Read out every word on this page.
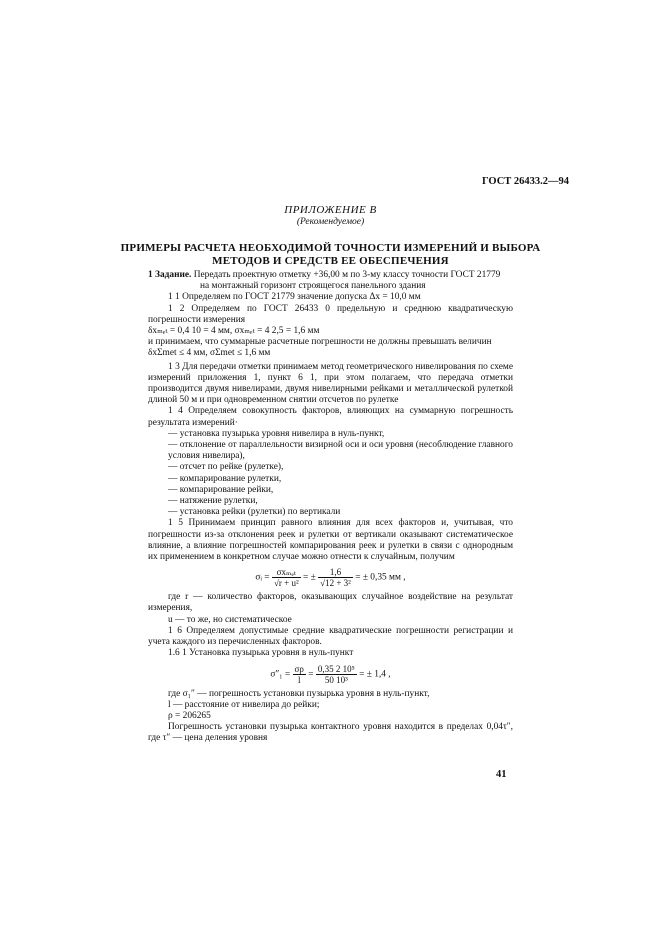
ГОСТ 26433.2—94
ПРИЛОЖЕНИЕ В
(Рекомендуемое)
ПРИМЕРЫ РАСЧЕТА НЕОБХОДИМОЙ ТОЧНОСТИ ИЗМЕРЕНИЙ И ВЫБОРА
МЕТОДОВ И СРЕДСТВ ЕЕ ОБЕСПЕЧЕНИЯ

1 Задание. Передать проектную отметку +36,00 м по 3-му классу точности ГОСТ 21779

на монтажный горизонт строящегося панельного здания

1 1 Определяем по ГОСТ 21779 значение допуска Δx = 10,0 мм

1 2 Определяем по ГОСТ 26433 0 предельную и среднюю квадратическую погрешности измерения

δxₘₑₜ = 0,4 10 = 4 мм, σxₘₑₜ = 4 2,5 = 1,6 мм

и принимаем, что суммарные расчетные погрешности не должны превышать величин

δxΣmet ≤ 4 мм, σΣmet ≤ 1,6 мм

1 3 Для передачи отметки принимаем метод геометрического нивелирования по схеме измерений приложения 1, пункт 6 1, при этом полагаем, что передача отметки производится двумя нивелирами, двумя нивелирными рейками и металлической рулеткой длиной 50 м и при одновременном снятии отсчетов по рулетке

1 4 Определяем совокупность факторов, влияющих на суммарную погрешность результата измерений·

— установка пузырька уровня нивелира в нуль-пункт,

— отклонение от параллельности визирной оси и оси уровня (несоблюдение главного условия нивелира),

— отсчет по рейке (рулетке),

— компарирование рулетки,

— компарирование рейки,

— натяжение рулетки,

— установка рейки (рулетки) по вертикали

1 5 Принимаем принцип равного влияния для всех факторов и, учитывая, что погрешности из-за отклонения реек и рулетки от вертикали оказывают систематическое влияние, а влияние погрешностей компарирования реек и рулетки в связи с однородным их применением в конкретном случае можно отнести к случайным, получим

σᵢ = $\frac{\text{σxₘₑₜ}}{\text{√r + u²}}$ = ± $\frac{1,6}{\text{√12 + 3²}}$ = ± 0,35 мм ,

где r — количество факторов, оказывающих случайное воздействие на результат измерения,

u — то же, но систематическое

1 6 Определяем допустимые средние квадратические погрешности регистрации и учета каждого из перечисленных факторов.

1.6 1 Установка пузырька уровня в нуль-пункт

$\sigma''_1 = \frac{\sigma\rho}{l} = \frac{\text{0,35 2 10⁵}}{\text{50 10³}}$ = ± 1,4 ,

где σ₁″ — погрешность установки пузырька уровня в нуль-пункт,

l — расстояние от нивелира до рейки;

ρ = 206265

Погрешность установки пузырька контактного уровня находится в пределах 0,04τ″, где τ″ — цена деления уровня

41
